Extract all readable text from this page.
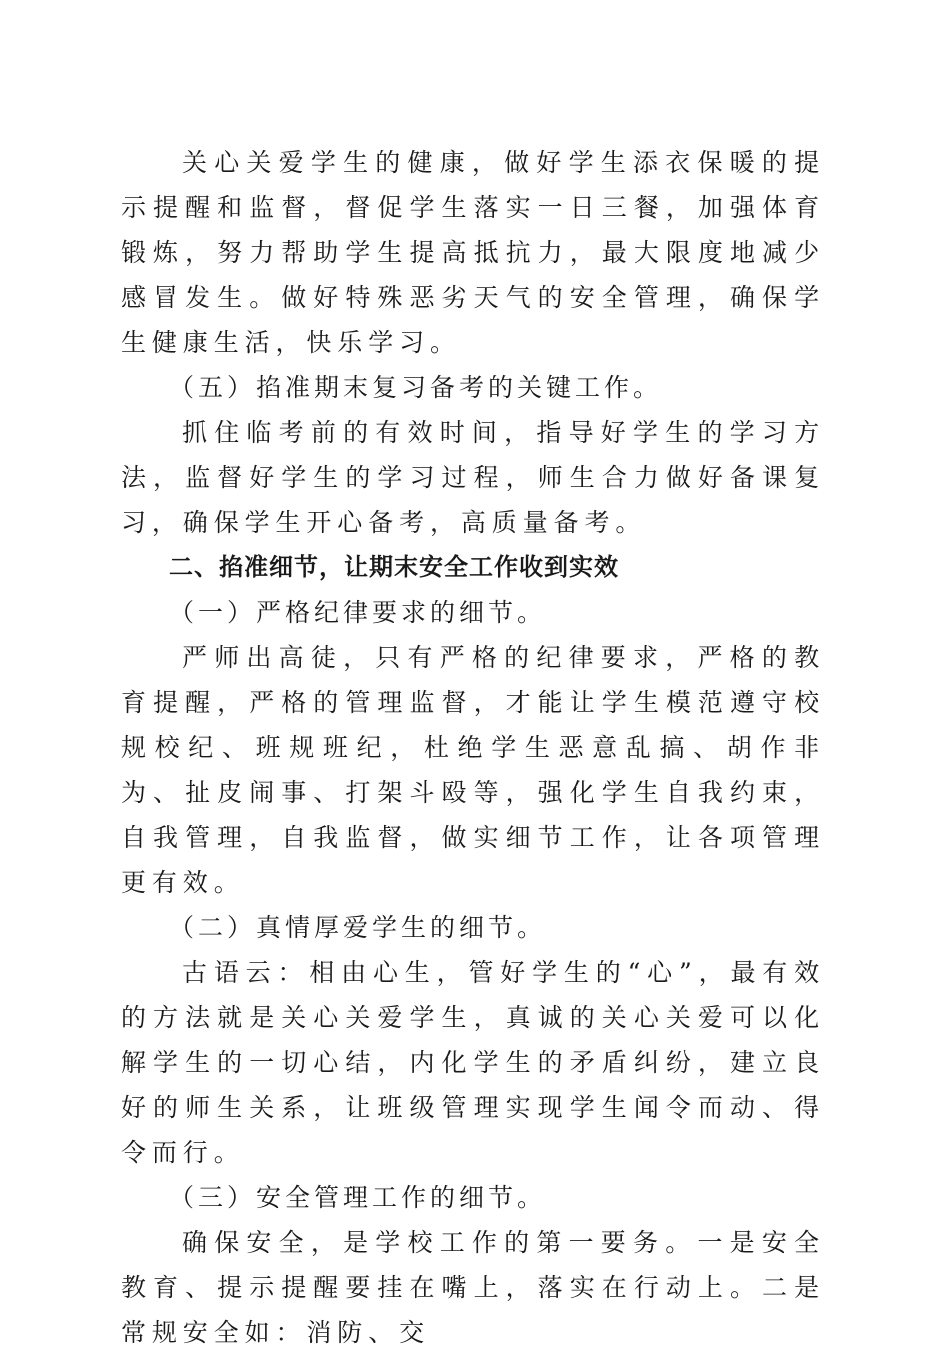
关心关爱学生的健康，做好学生添衣保暖的提示提醒和监督，督促学生落实一日三餐，加强体育锻炼，努力帮助学生提高抵抗力，最大限度地减少感冒发生。做好特殊恶劣天气的安全管理，确保学生健康生活，快乐学习。

（五）掐准期末复习备考的关键工作。

抓住临考前的有效时间，指导好学生的学习方法，监督好学生的学习过程，师生合力做好备课复习，确保学生开心备考，高质量备考。

二、掐准细节，让期末安全工作收到实效

（一）严格纪律要求的细节。

严师出高徒，只有严格的纪律要求，严格的教育提醒，严格的管理监督，才能让学生模范遵守校规校纪、班规班纪，杜绝学生恶意乱搞、胡作非为、扯皮闹事、打架斗殴等，强化学生自我约束，自我管理，自我监督，做实细节工作，让各项管理更有效。

（二）真情厚爱学生的细节。

古语云：相由心生，管好学生的“心”，最有效的方法就是关心关爱学生，真诚的关心关爱可以化解学生的一切心结，内化学生的矛盾纠纷，建立良好的师生关系，让班级管理实现学生闻令而动、得令而行。

（三）安全管理工作的细节。

确保安全，是学校工作的第一要务。一是安全教育、提示提醒要挂在嘴上，落实在行动上。二是常规安全如：消防、交
